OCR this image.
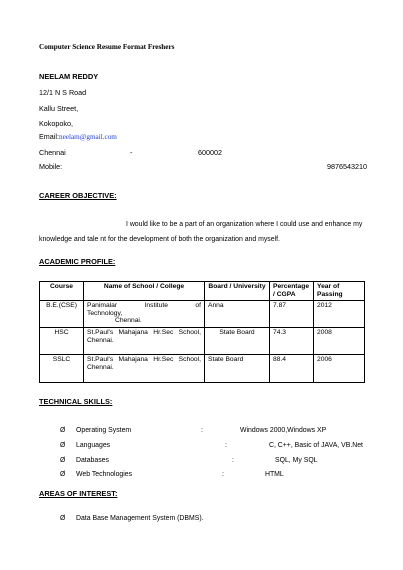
Computer Science Resume Format Freshers
NEELAM REDDY
12/1 N S Road
Kallu Street,
Kokopoko,
Email:neelam@gmail.com
Chennai	-	600002
Mobile:	9876543210
CAREER OBJECTIVE:
I would like to be a part of an organization where I could use and enhance my
knowledge and tale nt for the development of both the organization and myself.
ACADEMIC PROFILE:
Course	Name of School / College	Board / University	Percentage / CGPA	Year of
Passing

B.E.(CSE)	Panimalar Institute of
Technology,
Chennai.	Anna	7.87	2012
HSC	St.Paul's Mahajana Hr.Sec School,
Chennai.	State Board	74.3	2008
SSLC	St.Paul's Mahajana Hr.Sec School,
Chennai.	State Board	88.4	2006
TECHNICAL SKILLS:
Ø Operating System	:	Windows 2000,Windows XP
Ø Languages	:	C, C++, Basic of JAVA, VB.Net
Ø Databases	:	SQL, My SQL
Ø Web Technologies	:	HTML
AREAS OF INTEREST:
Ø Data Base Management System (DBMS).
